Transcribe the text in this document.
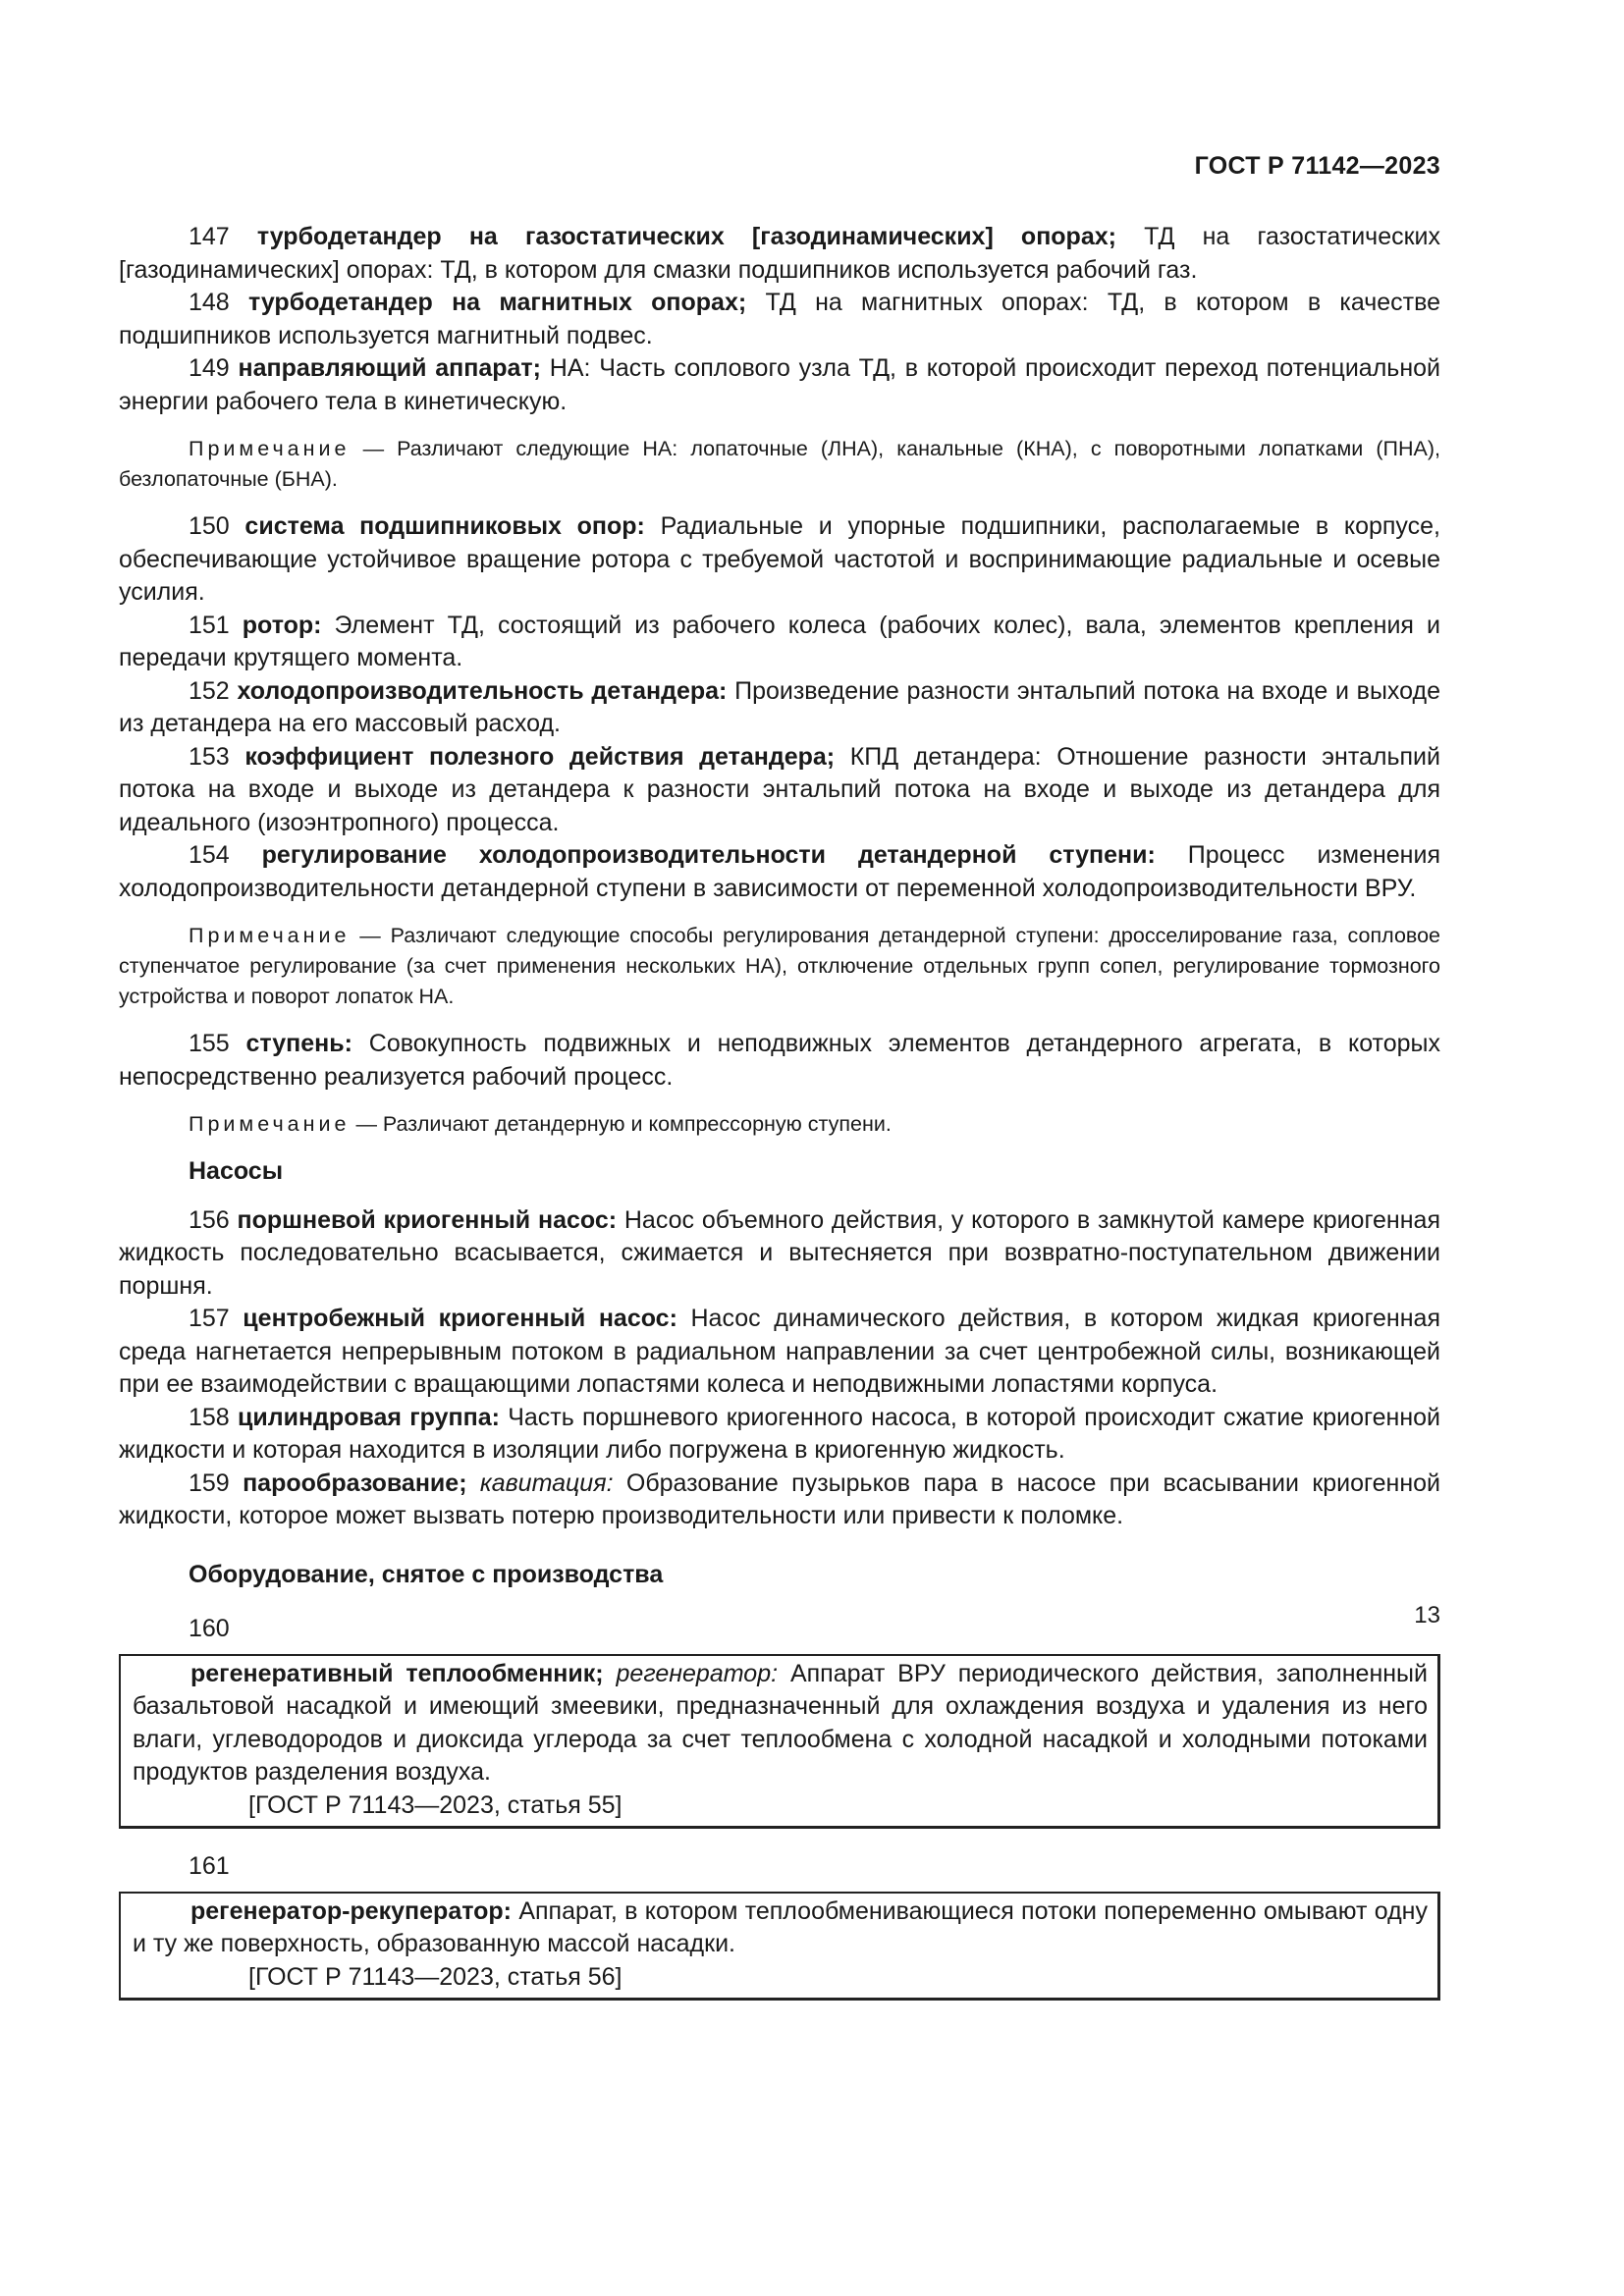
ГОСТ Р 71142—2023

147 турбодетандер на газостатических [газодинамических] опорах; ТД на газостатических [газодинамических] опорах: ТД, в котором для смазки подшипников используется рабочий газ.

148 турбодетандер на магнитных опорах; ТД на магнитных опорах: ТД, в котором в качестве подшипников используется магнитный подвес.

149 направляющий аппарат; НА: Часть соплового узла ТД, в которой происходит переход потенциальной энергии рабочего тела в кинетическую.

Примечание — Различают следующие НА: лопаточные (ЛНА), канальные (КНА), с поворотными лопатками (ПНА), безлопаточные (БНА).

150 система подшипниковых опор: Радиальные и упорные подшипники, располагаемые в корпусе, обеспечивающие устойчивое вращение ротора с требуемой частотой и воспринимающие радиальные и осевые усилия.

151 ротор: Элемент ТД, состоящий из рабочего колеса (рабочих колес), вала, элементов крепления и передачи крутящего момента.

152 холодопроизводительность детандера: Произведение разности энтальпий потока на входе и выходе из детандера на его массовый расход.

153 коэффициент полезного действия детандера; КПД детандера: Отношение разности энтальпий потока на входе и выходе из детандера к разности энтальпий потока на входе и выходе из детандера для идеального (изоэнтропного) процесса.

154 регулирование холодопроизводительности детандерной ступени: Процесс изменения холодопроизводительности детандерной ступени в зависимости от переменной холодопроизводительности ВРУ.

Примечание — Различают следующие способы регулирования детандерной ступени: дросселирование газа, сопловое ступенчатое регулирование (за счет применения нескольких НА), отключение отдельных групп сопел, регулирование тормозного устройства и поворот лопаток НА.

155 ступень: Совокупность подвижных и неподвижных элементов детандерного агрегата, в которых непосредственно реализуется рабочий процесс.

Примечание — Различают детандерную и компрессорную ступени.

Насосы

156 поршневой криогенный насос: Насос объемного действия, у которого в замкнутой камере криогенная жидкость последовательно всасывается, сжимается и вытесняется при возвратно-поступательном движении поршня.

157 центробежный криогенный насос: Насос динамического действия, в котором жидкая криогенная среда нагнетается непрерывным потоком в радиальном направлении за счет центробежной силы, возникающей при ее взаимодействии с вращающими лопастями колеса и неподвижными лопастями корпуса.

158 цилиндровая группа: Часть поршневого криогенного насоса, в которой происходит сжатие криогенной жидкости и которая находится в изоляции либо погружена в криогенную жидкость.

159 парообразование; кавитация: Образование пузырьков пара в насосе при всасывании криогенной жидкости, которое может вызвать потерю производительности или привести к поломке.

Оборудование, снятое с производства

160

регенеративный теплообменник; регенератор: Аппарат ВРУ периодического действия, заполненный базальтовой насадкой и имеющий змеевики, предназначенный для охлаждения воздуха и удаления из него влаги, углеводородов и диоксида углерода за счет теплообмена с холодной насадкой и холодными потоками продуктов разделения воздуха.

[ГОСТ Р 71143—2023, статья 55]

161

регенератор-рекуператор: Аппарат, в котором теплообменивающиеся потоки попеременно омывают одну и ту же поверхность, образованную массой насадки.

[ГОСТ Р 71143—2023, статья 56]

13
